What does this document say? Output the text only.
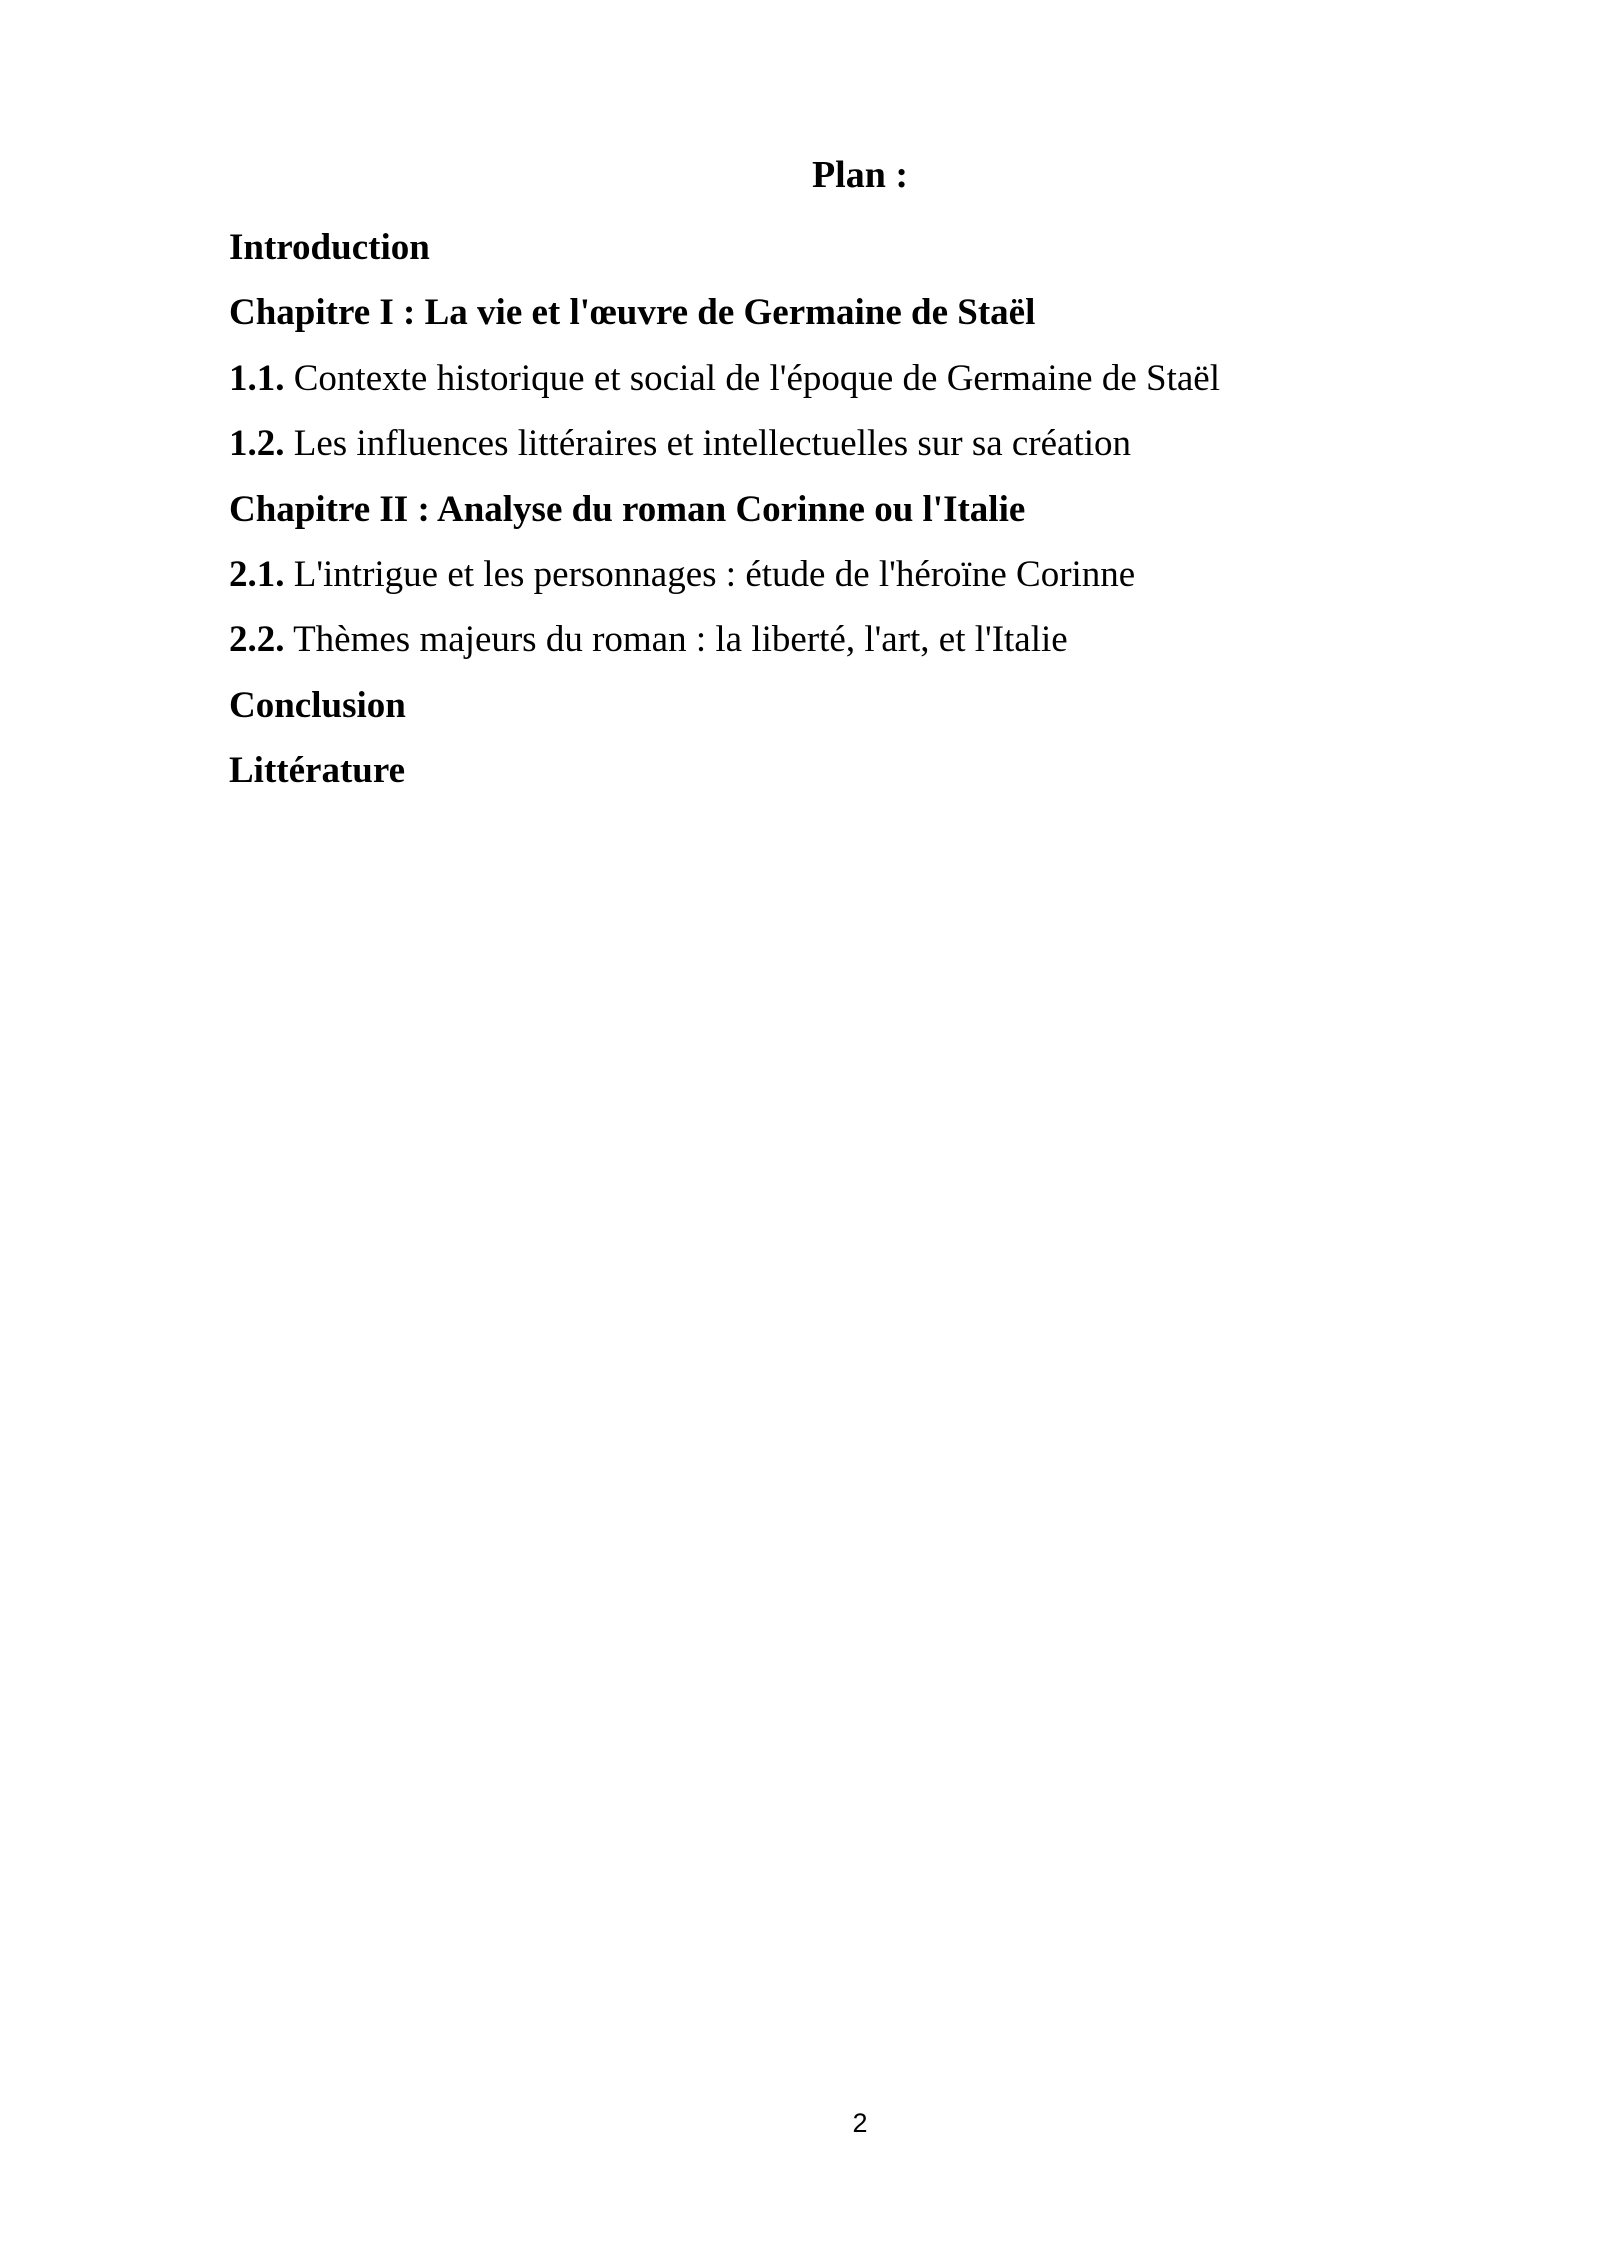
Plan :
Introduction
Chapitre I : La vie et l'œuvre de Germaine de Staël
1.1. Contexte historique et social de l'époque de Germaine de Staël
1.2. Les influences littéraires et intellectuelles sur sa création
Chapitre II : Analyse du roman Corinne ou l'Italie
2.1. L'intrigue et les personnages : étude de l'héroïne Corinne
2.2. Thèmes majeurs du roman : la liberté, l'art, et l'Italie
Conclusion
Littérature
2
